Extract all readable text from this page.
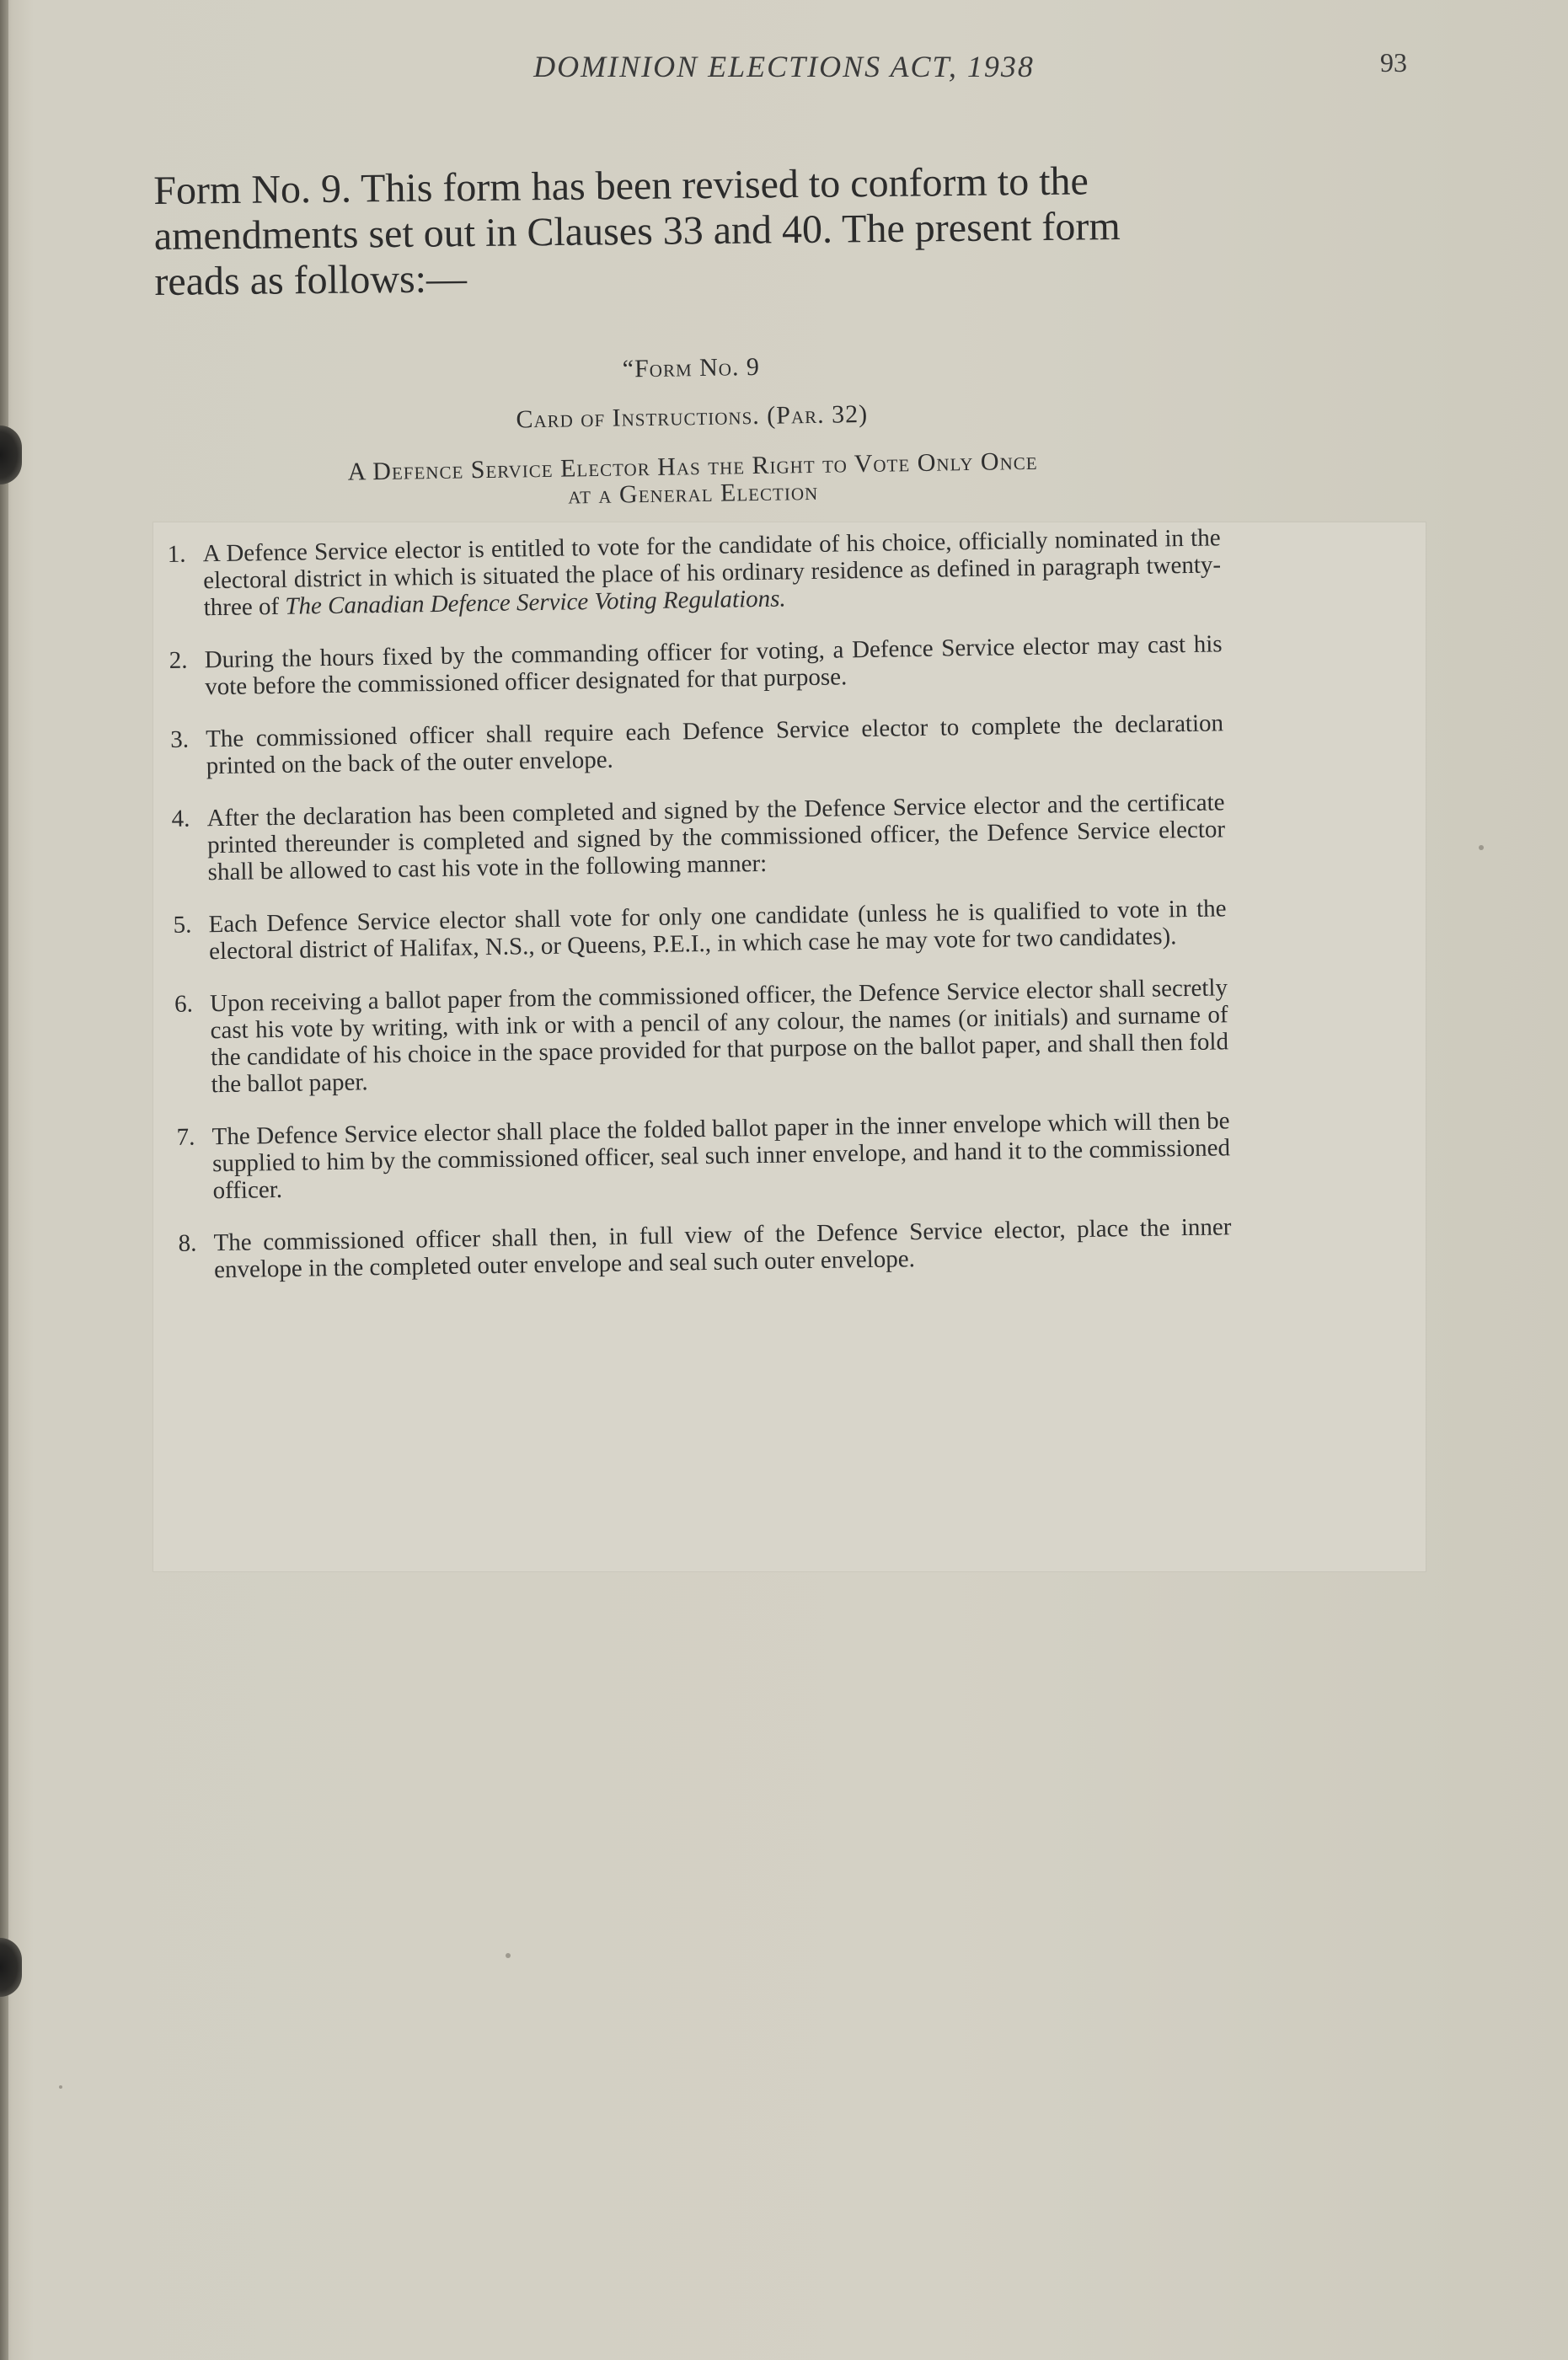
DOMINION ELECTIONS ACT, 1938	93
Form No. 9. This form has been revised to conform to the amendments set out in Clauses 33 and 40. The present form reads as follows:—
“Form No. 9
Card of Instructions. (Par. 32)
A Defence Service Elector Has the Right to Vote Only Once
at a General Election
1. A Defence Service elector is entitled to vote for the candidate of his choice, officially nominated in the electoral district in which is situated the place of his ordinary residence as defined in paragraph twenty-three of The Canadian Defence Service Voting Regulations.
2. During the hours fixed by the commanding officer for voting, a Defence Service elector may cast his vote before the commissioned officer designated for that purpose.
3. The commissioned officer shall require each Defence Service elector to complete the declaration printed on the back of the outer envelope.
4. After the declaration has been completed and signed by the Defence Service elector and the certificate printed thereunder is completed and signed by the commissioned officer, the Defence Service elector shall be allowed to cast his vote in the following manner:
5. Each Defence Service elector shall vote for only one candidate (unless he is qualified to vote in the electoral district of Halifax, N.S., or Queens, P.E.I., in which case he may vote for two candidates).
6. Upon receiving a ballot paper from the commissioned officer, the Defence Service elector shall secretly cast his vote by writing, with ink or with a pencil of any colour, the names (or initials) and surname of the candidate of his choice in the space provided for that purpose on the ballot paper, and shall then fold the ballot paper.
7. The Defence Service elector shall place the folded ballot paper in the inner envelope which will then be supplied to him by the commissioned officer, seal such inner envelope, and hand it to the commissioned officer.
8. The commissioned officer shall then, in full view of the Defence Service elector, place the inner envelope in the completed outer envelope and seal such outer envelope.
